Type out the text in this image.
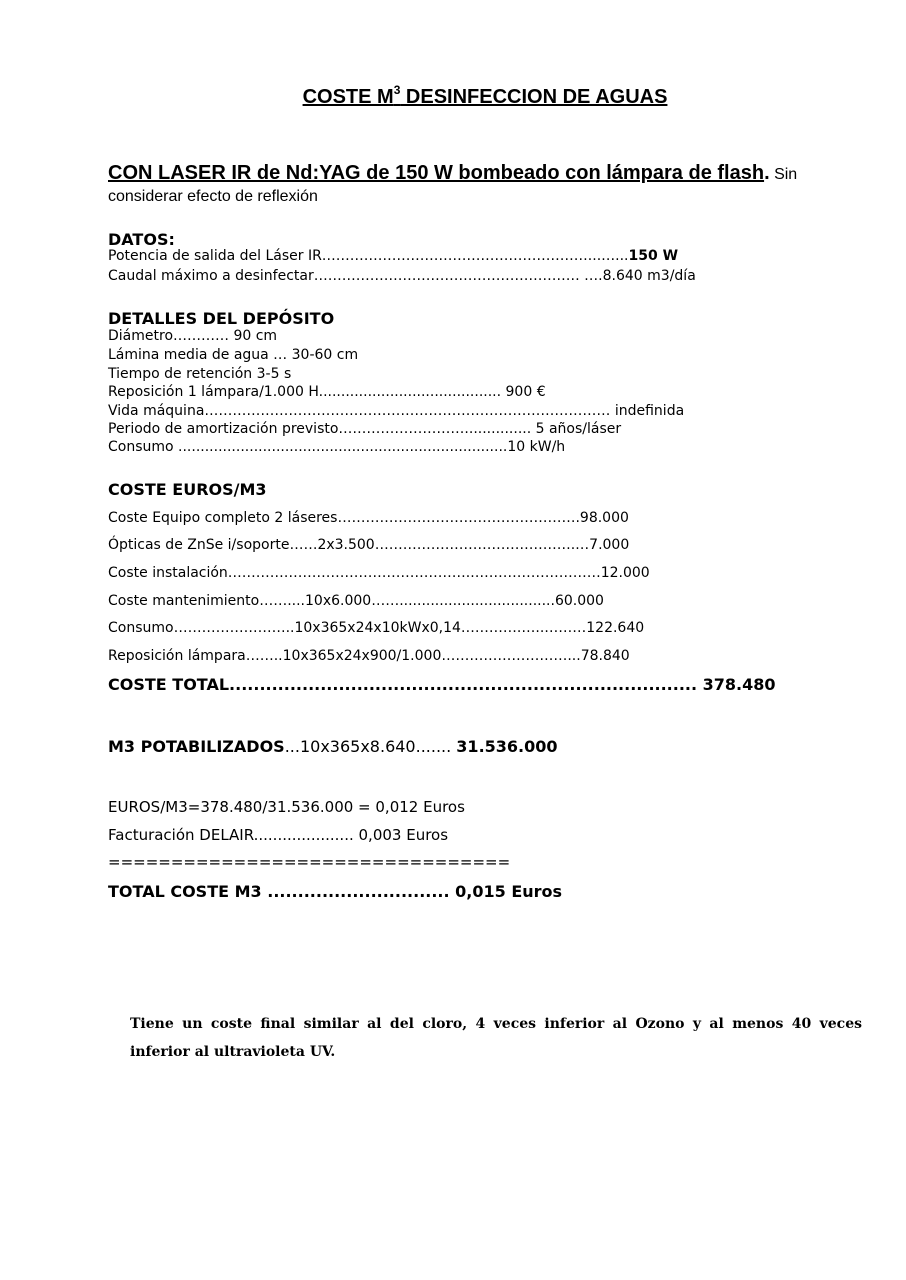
COSTE $M^3$ DESINFECCION DE AGUAS
CON LASER IR de Nd:YAG de 150 W bombeado con lámpara de flash. Sin considerar efecto de reflexión
DATOS:
Potencia de salida del Láser IR…………………………………………………...…...150 W
Caudal máximo a desinfectar………………………………………………… ….8.640 m3/día
DETALLES DEL DEPÓSITO
Diámetro………… 90 cm
Lámina media de agua … 30-60 cm
Tiempo de retención 3-5 s
Reposición 1 lámpara/1.000 H......................................... 900 €
Vida máquina…………………………………………………………………………… indefinida
Periodo de amortización previsto………………………............... 5 años/láser
Consumo ..........................................................................10 kW/h
COSTE EUROS/M3
Coste Equipo completo 2 láseres…………………………………………….98.000
Ópticas de ZnSe i/soporte……2x3.500…………………………………….…7.000
Coste instalación……………………………………………..………………………12.000
Coste mantenimiento……....10x6.000……...................................60.000
Consumo……………………..10x365x24x10kWx0,14………….…..………122.640
Reposición lámpara……..10x365x24x900/1.000………………………...78.840
COSTE TOTAL............................................................................. 378.480
M3 POTABILIZADOS...10x365x8.640....... 31.536.000
EUROS/M3=378.480/31.536.000 = 0,012 Euros
Facturación DELAIR..................... 0,003 Euros
================================
TOTAL COSTE M3 .............................. 0,015 Euros
Tiene un coste final similar al del cloro, 4 veces inferior al Ozono y al menos 40 veces inferior al ultravioleta UV.
